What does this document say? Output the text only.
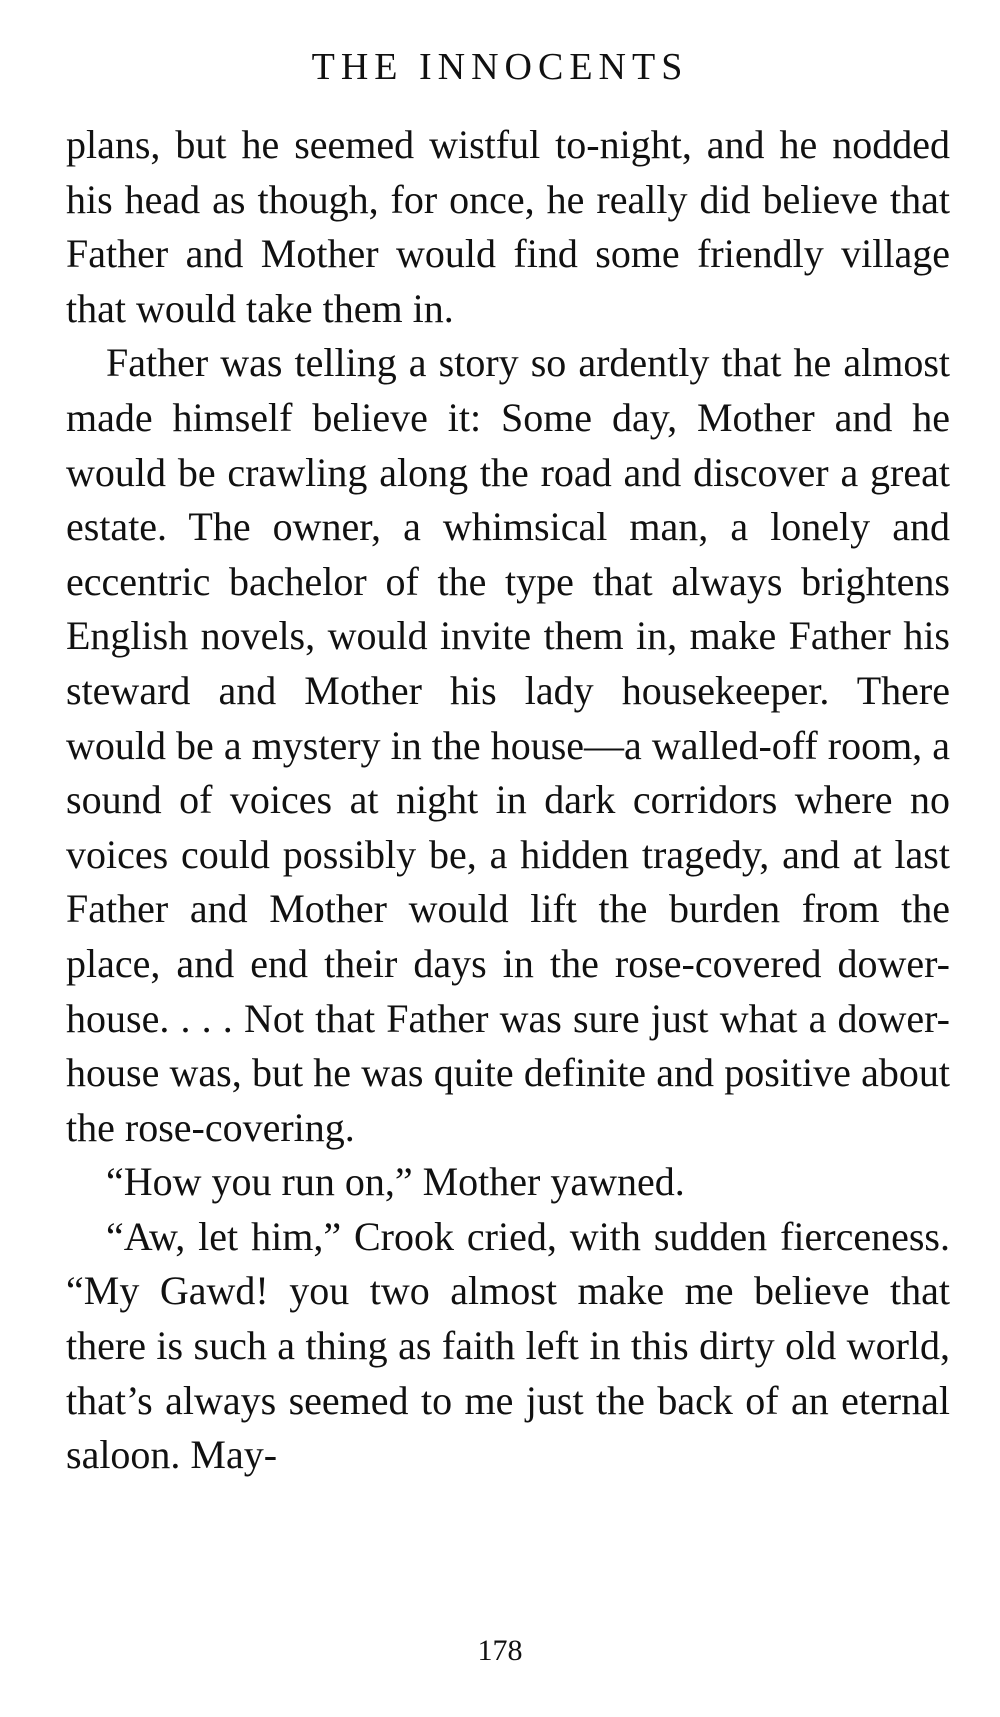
THE INNOCENTS

plans, but he seemed wistful to-night, and he nodded his head as though, for once, he really did believe that Father and Mother would find some friendly village that would take them in.

Father was telling a story so ardently that he almost made himself believe it: Some day, Mother and he would be crawling along the road and discover a great estate. The owner, a whimsical man, a lonely and eccentric bachelor of the type that always brightens English novels, would invite them in, make Father his steward and Mother his lady housekeeper. There would be a mystery in the house—a walled-off room, a sound of voices at night in dark corridors where no voices could possibly be, a hidden tragedy, and at last Father and Mother would lift the burden from the place, and end their days in the rose-covered dower-house. . . . Not that Father was sure just what a dower-house was, but he was quite definite and positive about the rose-covering.

“How you run on,” Mother yawned.

“Aw, let him,” Crook cried, with sudden fierceness. “My Gawd! you two almost make me believe that there is such a thing as faith left in this dirty old world, that’s always seemed to me just the back of an eternal saloon. May-

178
